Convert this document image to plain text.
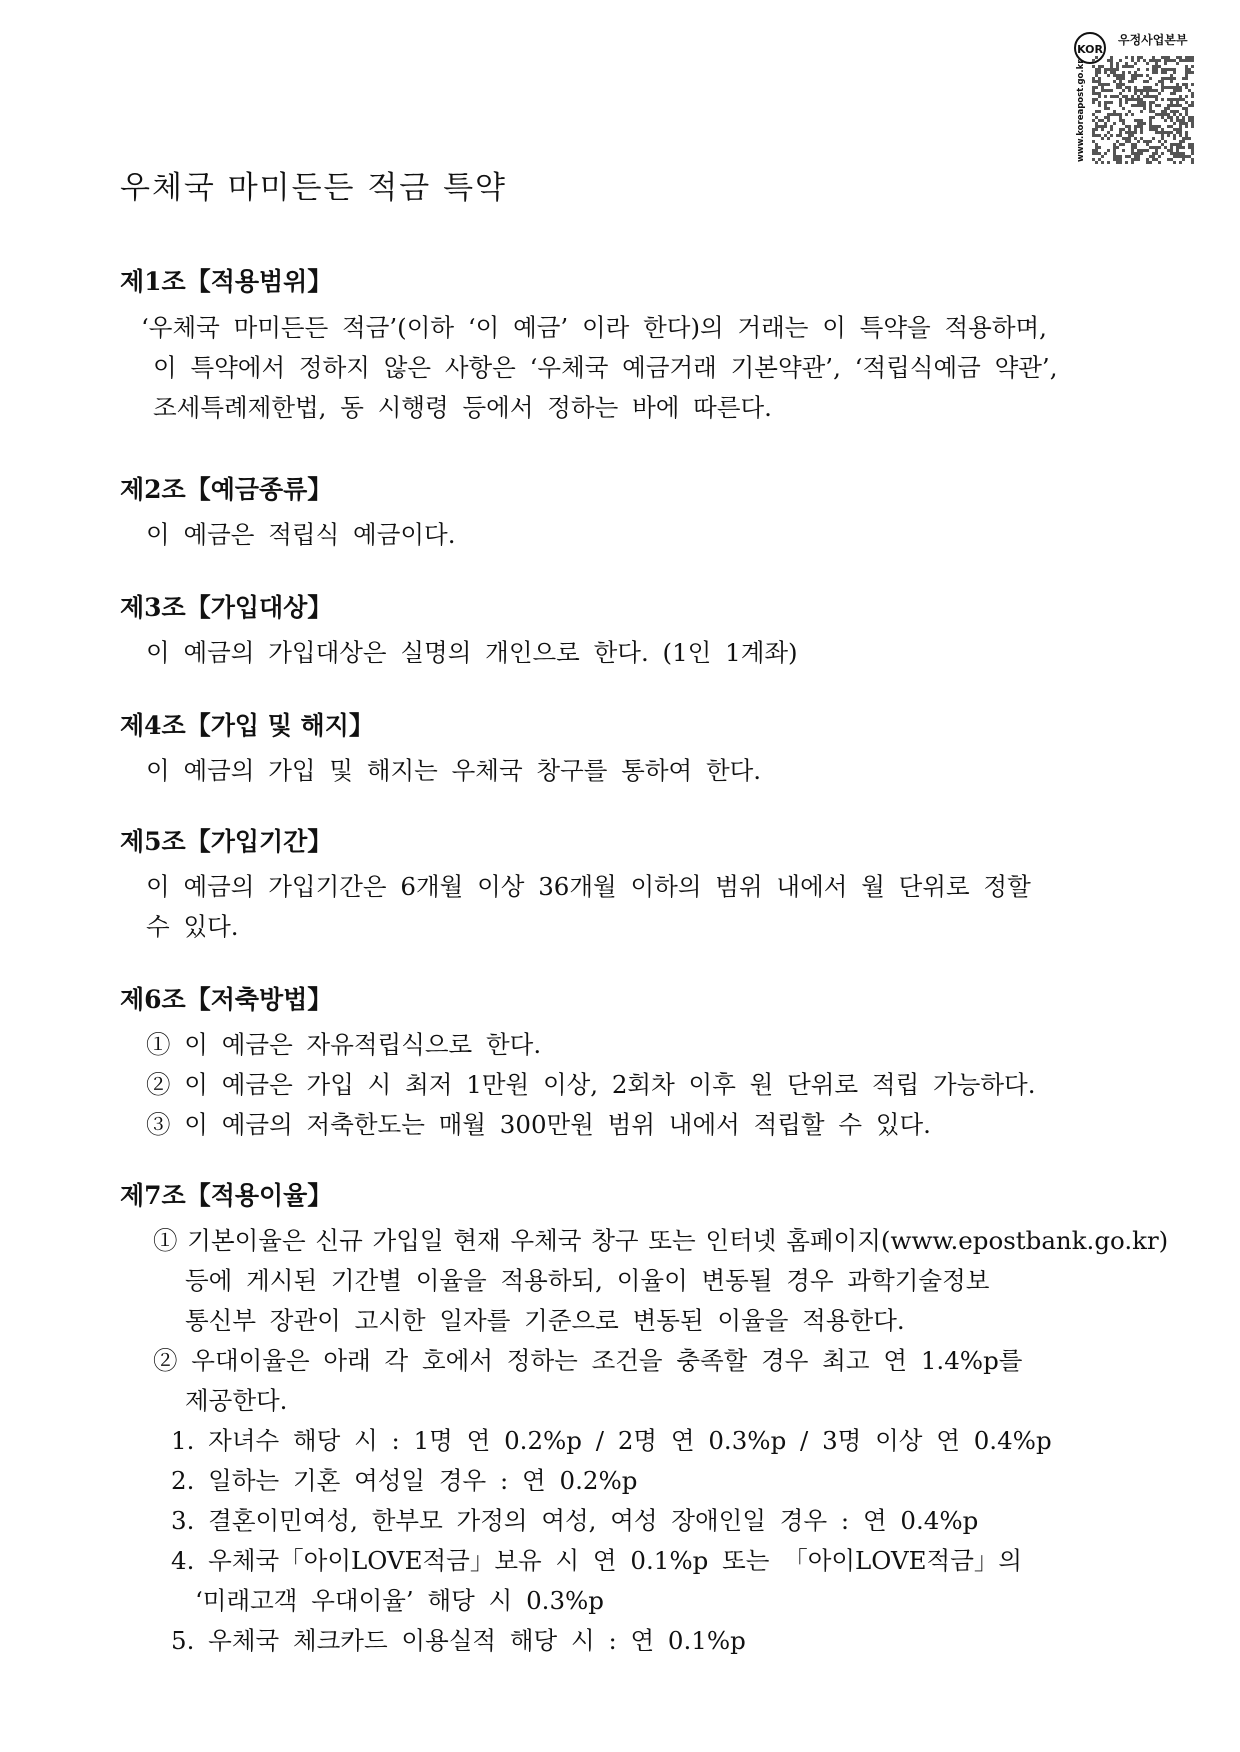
KOR
우정사업본부
www.koreapost.go.kr
우체국 마미든든 적금 특약
제1조【적용범위】

‘우체국 마미든든 적금’(이하 ‘이 예금’ 이라 한다)의 거래는 이 특약을 적용하며,

이 특약에서 정하지 않은 사항은 ‘우체국 예금거래 기본약관’, ‘적립식예금 약관’,

조세특례제한법, 동 시행령 등에서 정하는 바에 따른다.

제2조【예금종류】

이 예금은 적립식 예금이다.

제3조【가입대상】

이 예금의 가입대상은 실명의 개인으로 한다. (1인 1계좌)

제4조【가입 및 해지】

이 예금의 가입 및 해지는 우체국 창구를 통하여 한다.

제5조【가입기간】

이 예금의 가입기간은 6개월 이상 36개월 이하의 범위 내에서 월 단위로 정할

수 있다.

제6조【저축방법】

① 이 예금은 자유적립식으로 한다.

② 이 예금은 가입 시 최저 1만원 이상, 2회차 이후 원 단위로 적립 가능하다.

③ 이 예금의 저축한도는 매월 300만원 범위 내에서 적립할 수 있다.

제7조【적용이율】

① 기본이율은 신규 가입일 현재 우체국 창구 또는 인터넷 홈페이지(www.epostbank.go.kr)

등에 게시된 기간별 이율을 적용하되, 이율이 변동될 경우 과학기술정보

통신부 장관이 고시한 일자를 기준으로 변동된 이율을 적용한다.

② 우대이율은 아래 각 호에서 정하는 조건을 충족할 경우 최고 연 1.4%p를

제공한다.

1. 자녀수 해당 시 : 1명 연 0.2%p / 2명 연 0.3%p / 3명 이상 연 0.4%p

2. 일하는 기혼 여성일 경우 : 연 0.2%p

3. 결혼이민여성, 한부모 가정의 여성, 여성 장애인일 경우 : 연 0.4%p

4. 우체국「아이LOVE적금」보유 시 연 0.1%p 또는 「아이LOVE적금」의

‘미래고객 우대이율’ 해당 시 0.3%p

5. 우체국 체크카드 이용실적 해당 시 : 연 0.1%p
